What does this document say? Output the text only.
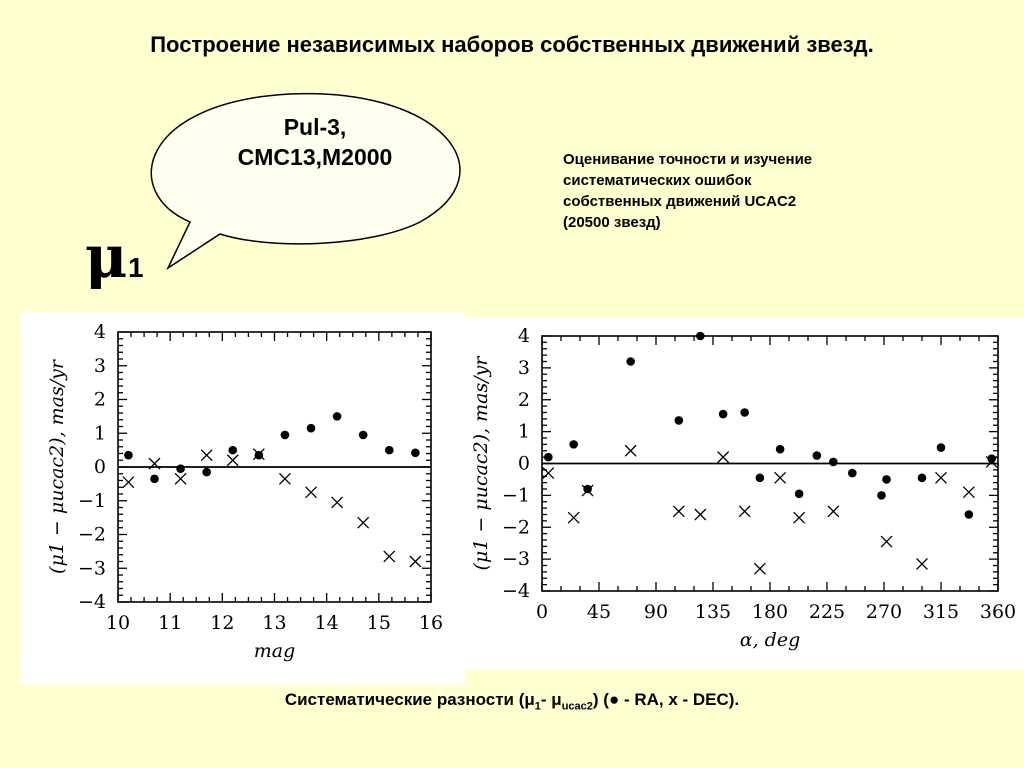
Построение независимых наборов собственных движений звезд.
Pul-3,
CMC13,M2000	Оценивание точности и изучение
систематических ошибок
собственных движений UCAC2
(20500 звезд)
μ 1
−4
−3
−2
−1
0
1
2
3
4
10 11 12 13 14 15 16
mag
(μ1 − μucac2), mas/yr
−4
−3
−2
−1
0
1
2
3
4
0 45 90 135 180 225 270 315 360
α, deg
(μ1 − μucac2), mas/yr
Систематические разности ($\mu_1-$ $\mu_{ucac2}$) (● - RA, x - DEC).
